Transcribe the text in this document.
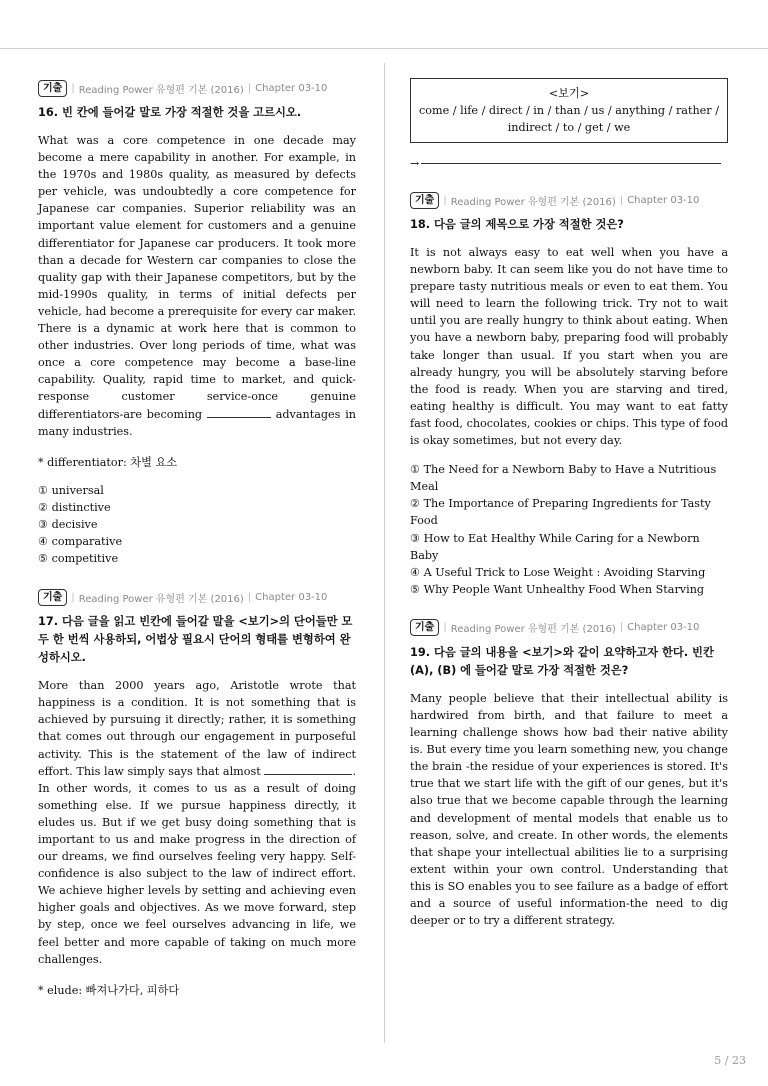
기출 | Reading Power 유형편 기본 (2016) | Chapter 03-10
16. 빈 칸에 들어갈 말로 가장 적절한 것을 고르시오.
What was a core competence in one decade may become a mere capability in another. For example, in the 1970s and 1980s quality, as measured by defects per vehicle, was undoubtedly a core competence for Japanese car companies. Superior reliability was an important value element for customers and a genuine differentiator for Japanese car producers. It took more than a decade for Western car companies to close the quality gap with their Japanese competitors, but by the mid-1990s quality, in terms of initial defects per vehicle, had become a prerequisite for every car maker. There is a dynamic at work here that is common to other industries. Over long periods of time, what was once a core competence may become a base-line capability. Quality, rapid time to market, and quick-response customer service-once genuine differentiators-are becoming	advantages in many industries.
* differentiator: 차별 요소
① universal
② distinctive
③ decisive
④ comparative
⑤ competitive
기출 | Reading Power 유형편 기본 (2016) | Chapter 03-10
17. 다음 글을 읽고 빈칸에 들어갈 말을 <보기>의 단어들만 모두 한 번씩 사용하되, 어법상 필요시 단어의 형태를 변형하여 완성하시오.
More than 2000 years ago, Aristotle wrote that happiness is a condition. It is not something that is achieved by pursuing it directly; rather, it is something that comes out through our engagement in purposeful activity. This is the statement of the law of indirect effort. This law simply says that almost	. In other words, it comes to us as a result of doing something else. If we pursue happiness directly, it eludes us. But if we get busy doing something that is important to us and make progress in the direction of our dreams, we find ourselves feeling very happy. Self-confidence is also subject to the law of indirect effort. We achieve higher levels by setting and achieving even higher goals and objectives. As we move forward, step by step, once we feel ourselves advancing in life, we feel better and more capable of taking on much more challenges.
* elude: 빠져나가다, 피하다
<보기>
come / life / direct / in / than / us / anything / rather / indirect / to / get / we
→
기출 | Reading Power 유형편 기본 (2016) | Chapter 03-10
18. 다음 글의 제목으로 가장 적절한 것은?

It is not always easy to eat well when you have a newborn baby. It can seem like you do not have time to prepare tasty nutritious meals or even to eat them. You will need to learn the following trick. Try not to wait until you are really hungry to think about eating. When you have a newborn baby, preparing food will probably take longer than usual. If you start when you are already hungry, you will be absolutely starving before the food is ready. When you are starving and tired, eating healthy is difficult. You may want to eat fatty fast food, chocolates, cookies or chips. This type of food is okay sometimes, but not every day.

① The Need for a Newborn Baby to Have a Nutritious Meal
② The Importance of Preparing Ingredients for Tasty Food
③ How to Eat Healthy While Caring for a Newborn Baby
④ A Useful Trick to Lose Weight : Avoiding Starving
⑤ Why People Want Unhealthy Food When Starving
기출 | Reading Power 유형편 기본 (2016) | Chapter 03-10
19. 다음 글의 내용을 <보기>와 같이 요약하고자 한다. 빈칸 (A), (B) 에 들어갈 말로 가장 적절한 것은?

Many people believe that their intellectual ability is hardwired from birth, and that failure to meet a learning challenge shows how bad their native ability is. But every time you learn something new, you change the brain -the residue of your experiences is stored. It's true that we start life with the gift of our genes, but it's also true that we become capable through the learning and development of mental models that enable us to reason, solve, and create. In other words, the elements that shape your intellectual abilities lie to a surprising extent within your own control. Understanding that this is SO enables you to see failure as a badge of effort and a source of useful information-the need to dig deeper or to try a different strategy.

5 / 23
